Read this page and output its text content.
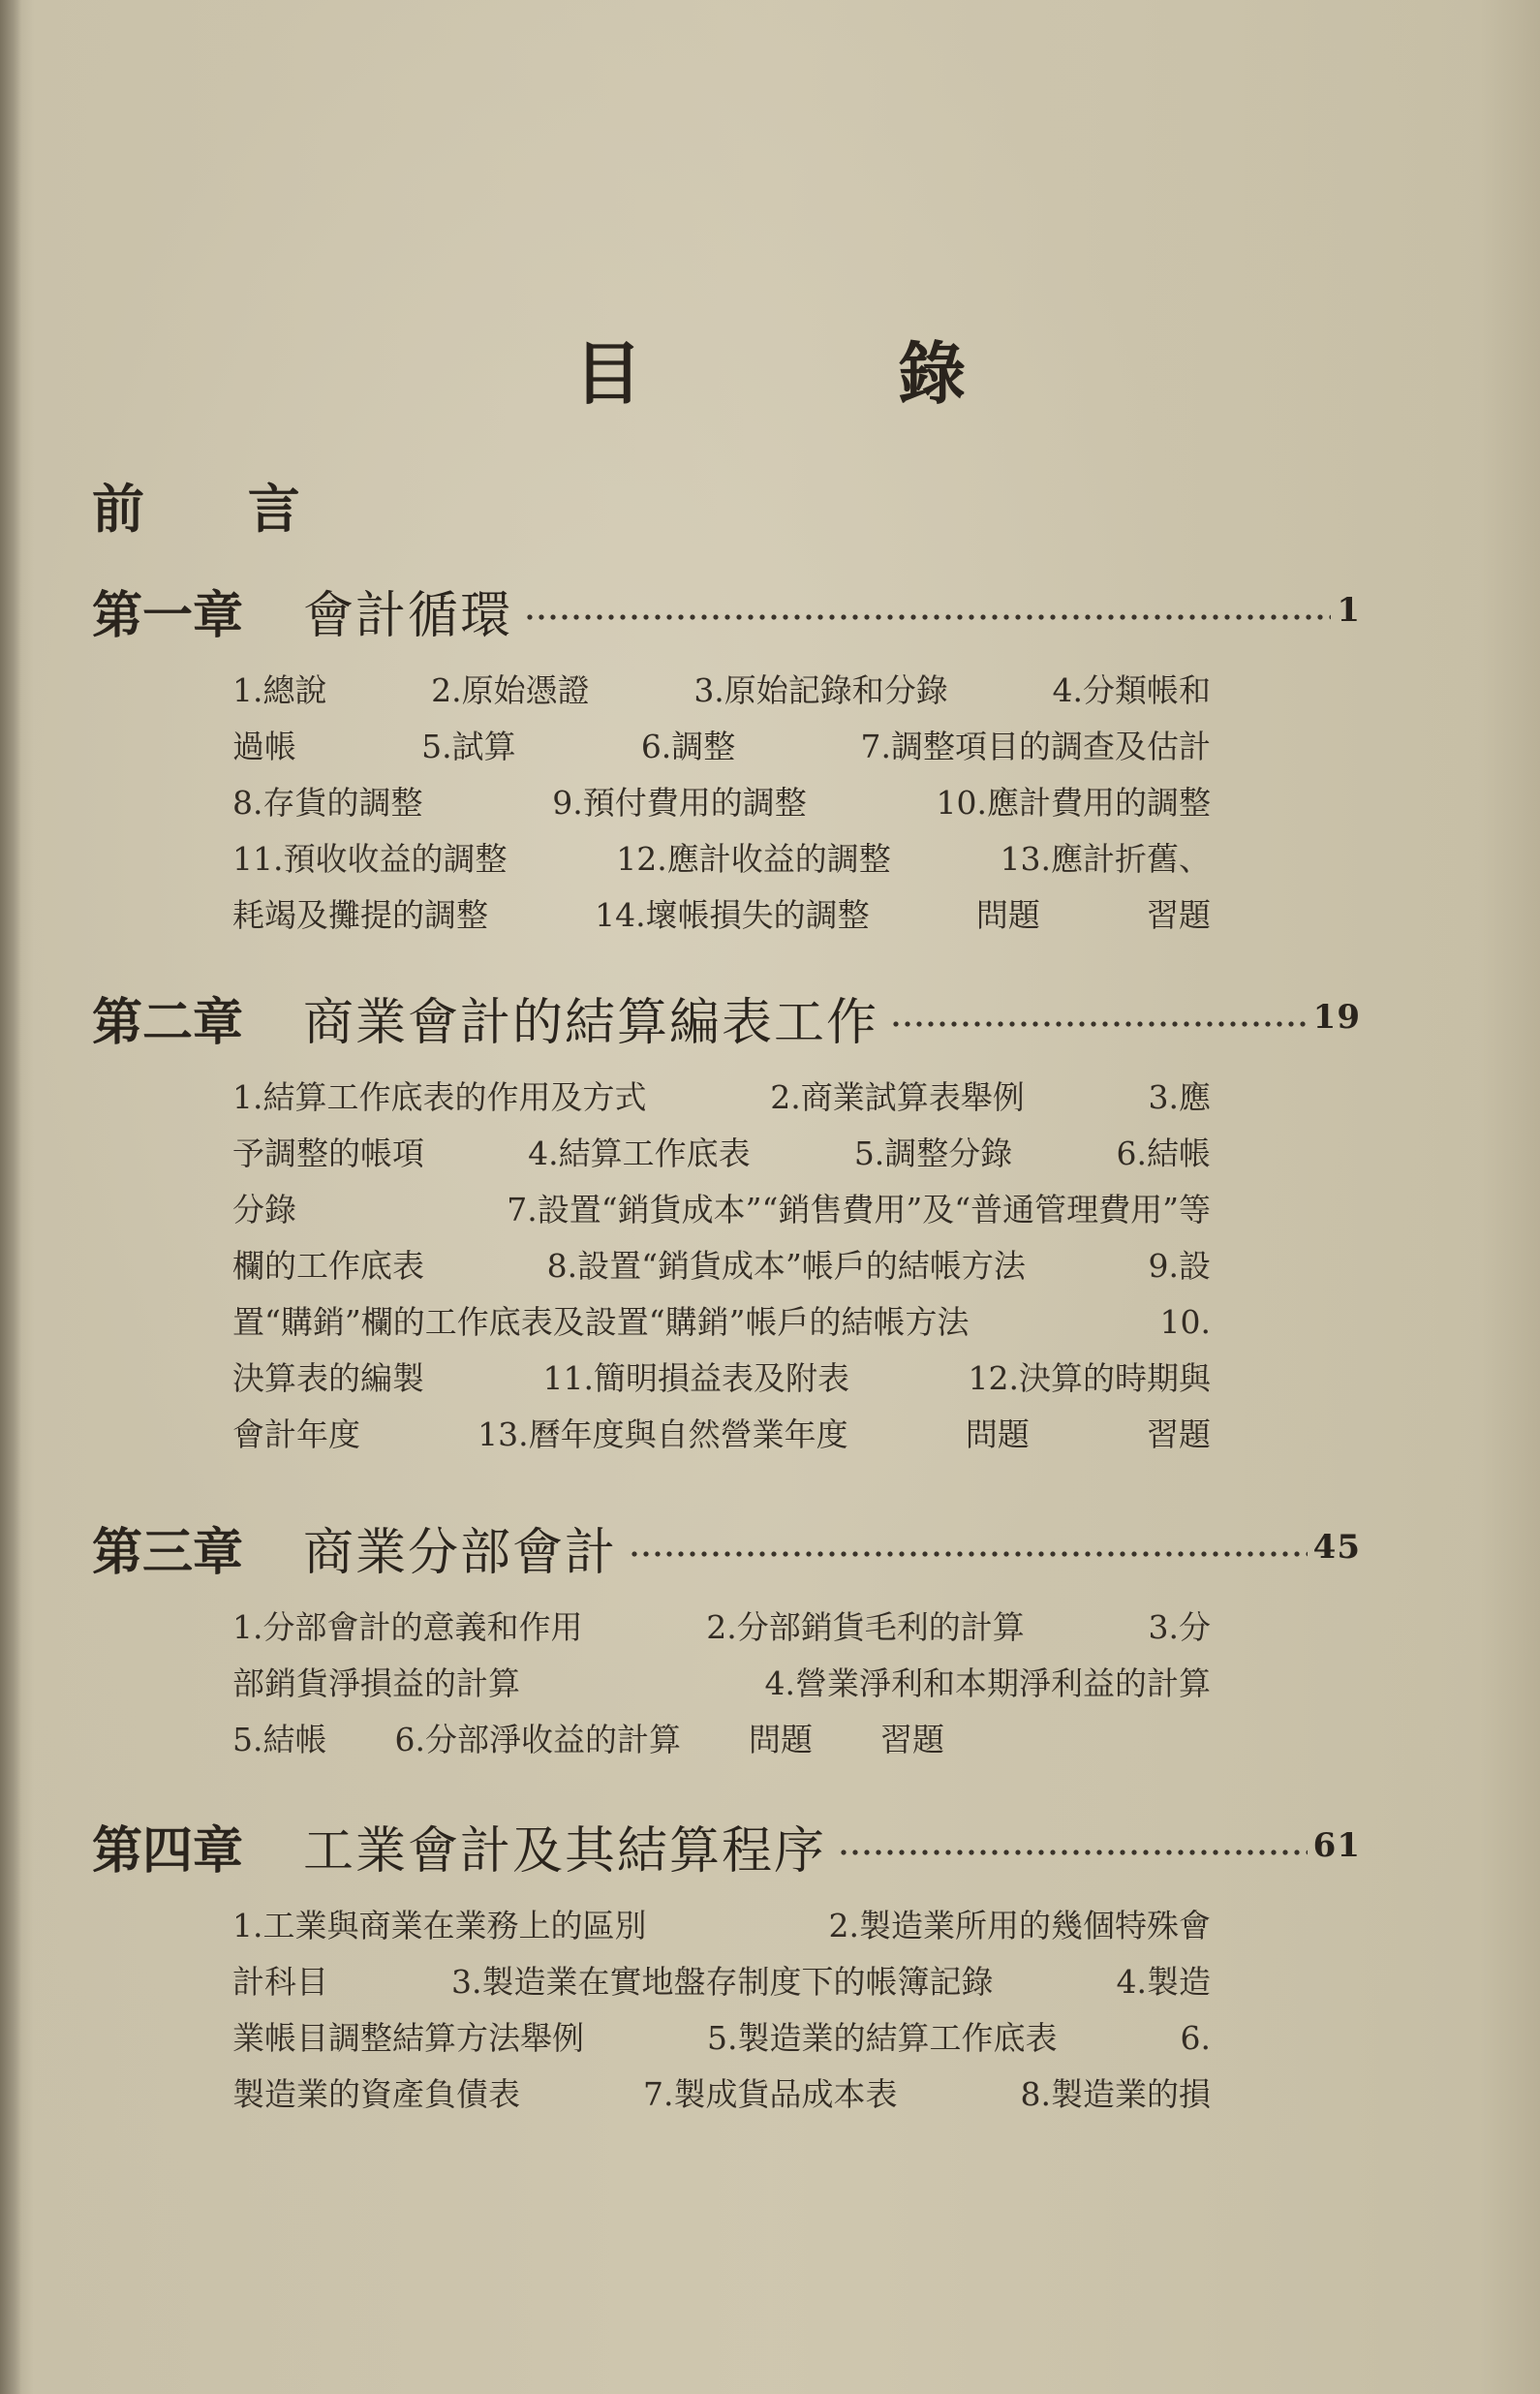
目 錄
前 言
第一章	會計循環	1
1.總說	2.原始憑證	3.原始記錄和分錄	4.分類帳和
過帳	5.試算	6.調整	7.調整項目的調查及估計
8.存貨的調整	9.預付費用的調整	10.應計費用的調整
11.預收收益的調整	12.應計收益的調整	13.應計折舊、
耗竭及攤提的調整	14.壞帳損失的調整	問題	習題
第二章	商業會計的結算編表工作	19
1.結算工作底表的作用及方式	2.商業試算表舉例	3.應
予調整的帳項	4.結算工作底表	5.調整分錄	6.結帳
分錄	7.設置“銷貨成本”“銷售費用”及“普通管理費用”等
欄的工作底表	8.設置“銷貨成本”帳戶的結帳方法	9.設
置“購銷”欄的工作底表及設置“購銷”帳戶的結帳方法	10.
決算表的編製	11.簡明損益表及附表	12.決算的時期與
會計年度	13.曆年度與自然營業年度	問題	習題
第三章	商業分部會計	45
1.分部會計的意義和作用	2.分部銷貨毛利的計算	3.分
部銷貨淨損益的計算	4.營業淨利和本期淨利益的計算
5.結帳 6.分部淨收益的計算 問題 習題
第四章	工業會計及其結算程序	61
1.工業與商業在業務上的區別	2.製造業所用的幾個特殊會
計科目	3.製造業在實地盤存制度下的帳簿記錄	4.製造
業帳目調整結算方法舉例	5.製造業的結算工作底表	6.
製造業的資產負債表	7.製成貨品成本表	8.製造業的損
